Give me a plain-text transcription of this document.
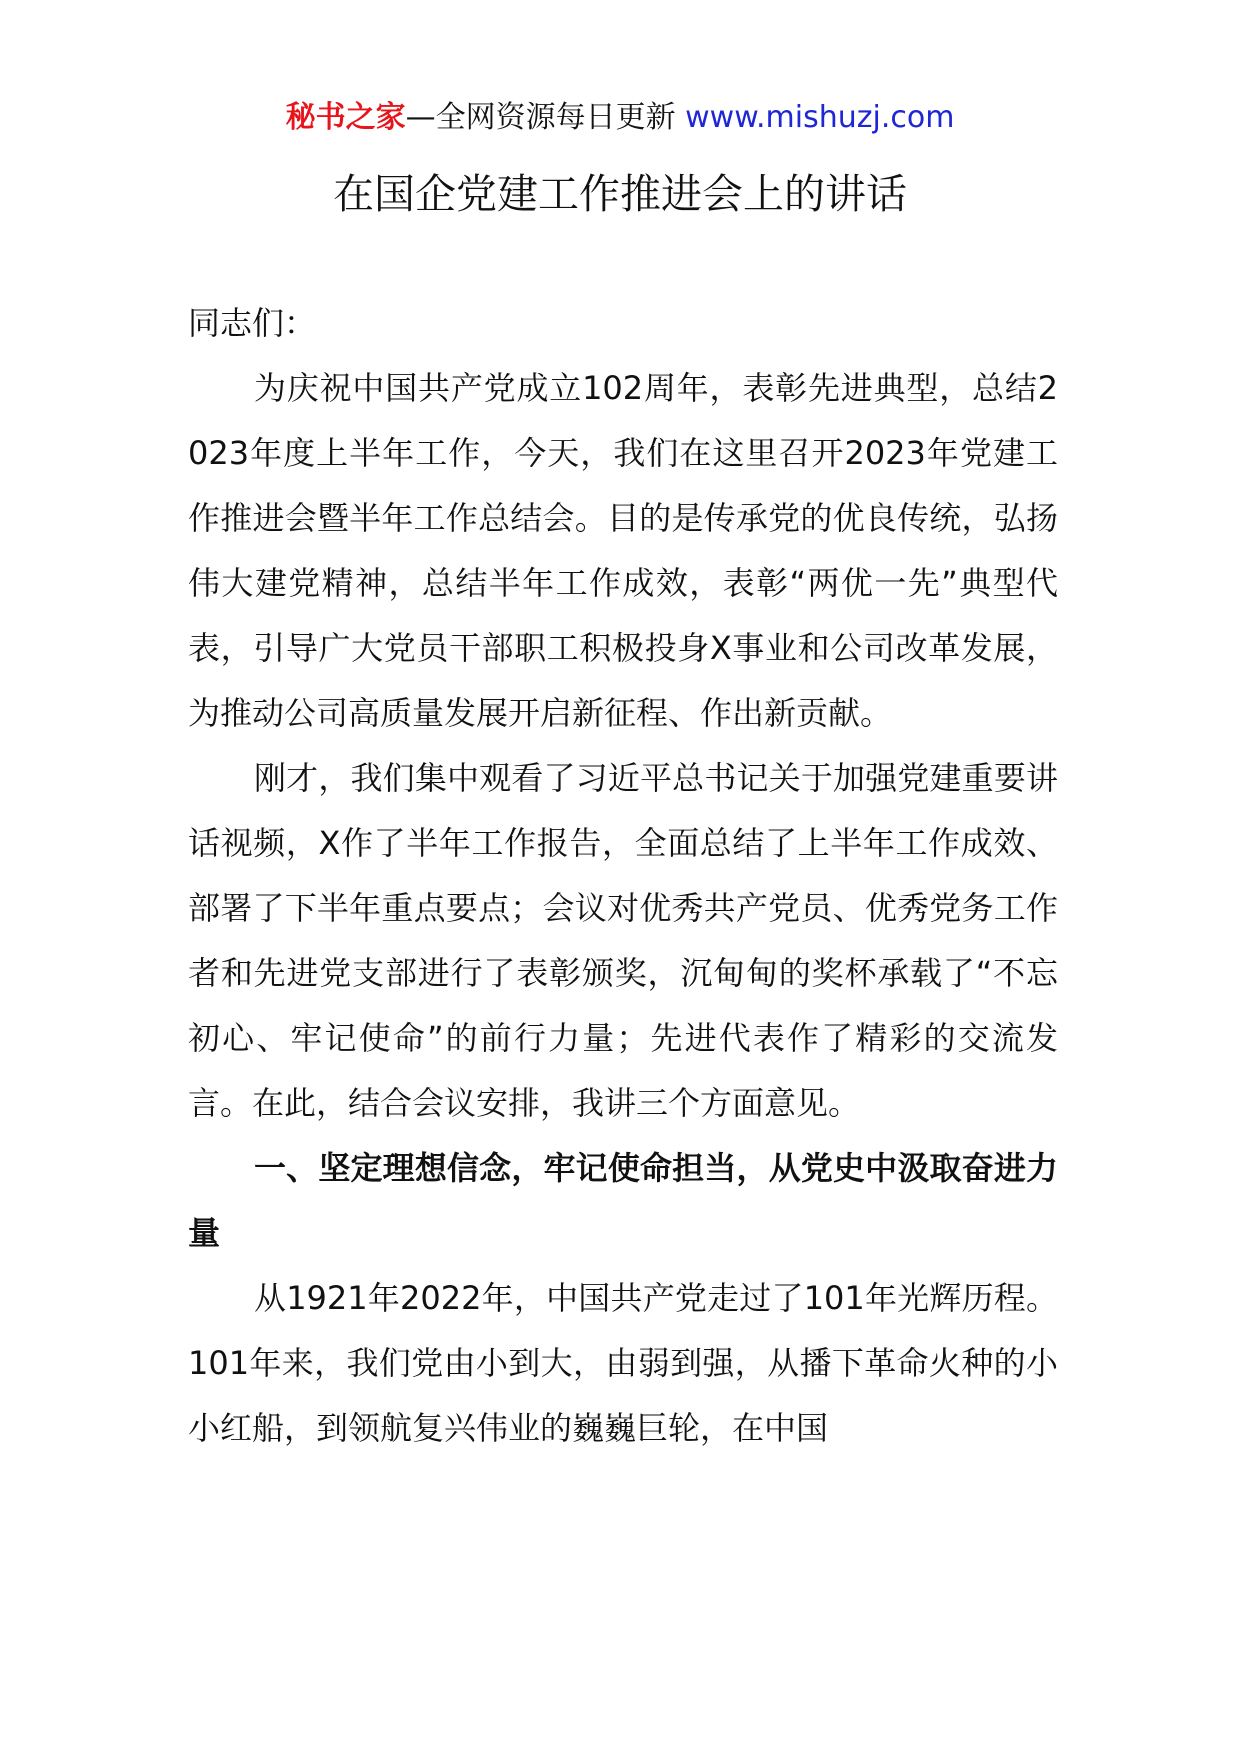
秘书之家—全网资源每日更新 www.mishuzj.com
在国企党建工作推进会上的讲话

同志们：

为庆祝中国共产党成立102周年，表彰先进典型，总结2023年度上半年工作，今天，我们在这里召开2023年党建工作推进会暨半年工作总结会。目的是传承党的优良传统，弘扬伟大建党精神，总结半年工作成效，表彰“两优一先”典型代表，引导广大党员干部职工积极投身X事业和公司改革发展，为推动公司高质量发展开启新征程、作出新贡献。

刚才，我们集中观看了习近平总书记关于加强党建重要讲话视频，X作了半年工作报告，全面总结了上半年工作成效、部署了下半年重点要点；会议对优秀共产党员、优秀党务工作者和先进党支部进行了表彰颁奖，沉甸甸的奖杯承载了“不忘初心、牢记使命”的前行力量；先进代表作了精彩的交流发言。在此，结合会议安排，我讲三个方面意见。

一、坚定理想信念，牢记使命担当，从党史中汲取奋进力量

从1921年2022年，中国共产党走过了101年光辉历程。101年来，我们党由小到大，由弱到强，从播下革命火种的小小红船，到领航复兴伟业的巍巍巨轮，在中国
